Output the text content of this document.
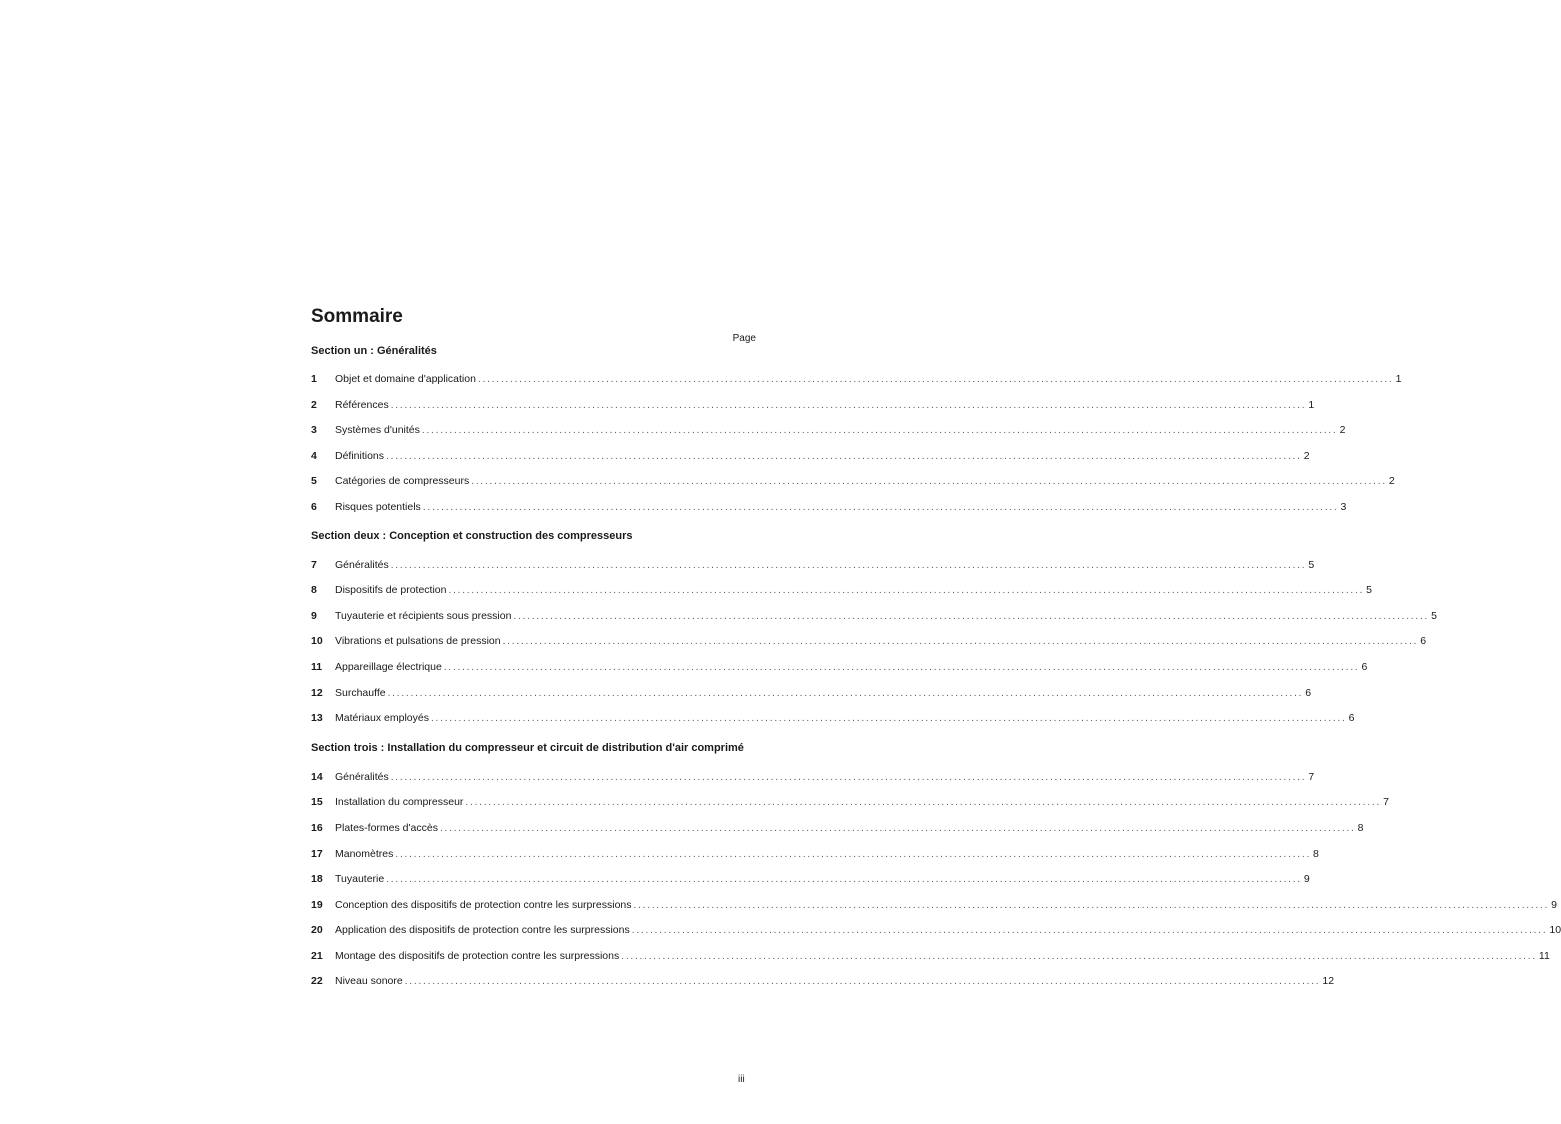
Sommaire
Page
Section un : Généralités
1	Objet et domaine d'application ........................................................................................................................................................................................................ 1
2	Références ........................................................................................................................................................................................................ 1
3	Systèmes d'unités ........................................................................................................................................................................................................ 2
4	Définitions ........................................................................................................................................................................................................ 2
5	Catégories de compresseurs ........................................................................................................................................................................................................ 2
6	Risques potentiels ........................................................................................................................................................................................................ 3
Section deux : Conception et construction des compresseurs
7	Généralités ........................................................................................................................................................................................................ 5
8	Dispositifs de protection ........................................................................................................................................................................................................ 5
9	Tuyauterie et récipients sous pression ........................................................................................................................................................................................................ 5
10	Vibrations et pulsations de pression ........................................................................................................................................................................................................ 6
11	Appareillage électrique ........................................................................................................................................................................................................ 6
12	Surchauffe ........................................................................................................................................................................................................ 6
13	Matériaux employés ........................................................................................................................................................................................................ 6
Section trois : Installation du compresseur et circuit de distribution d'air comprimé
14	Généralités ........................................................................................................................................................................................................ 7
15	Installation du compresseur ........................................................................................................................................................................................................ 7
16	Plates-formes d'accès ........................................................................................................................................................................................................ 8
17	Manomètres ........................................................................................................................................................................................................ 8
18	Tuyauterie ........................................................................................................................................................................................................ 9
19	Conception des dispositifs de protection contre les surpressions ........................................................................................................................................................................................................ 9
20	Application des dispositifs de protection contre les surpressions ........................................................................................................................................................................................................ 10
21	Montage des dispositifs de protection contre les surpressions ........................................................................................................................................................................................................ 11
22	Niveau sonore ........................................................................................................................................................................................................ 12
iii
